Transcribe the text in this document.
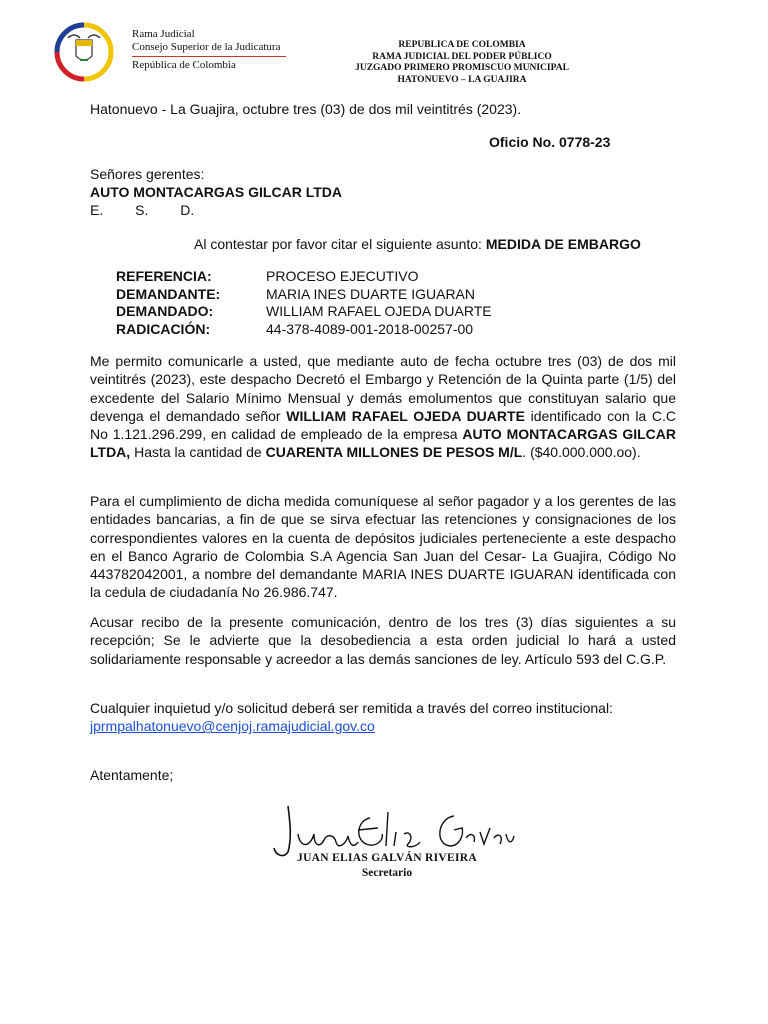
Rama Judicial
Consejo Superior de la Judicatura
República de Colombia
REPUBLICA DE COLOMBIA
RAMA JUDICIAL DEL PODER PÚBLICO
JUZGADO PRIMERO PROMISCUO MUNICIPAL
HATONUEVO – LA GUAJIRA
Hatonuevo - La Guajira, octubre tres (03) de dos mil veintitrés (2023).
Oficio No. 0778-23
Señores gerentes:
AUTO MONTACARGAS GILCAR LTDA
E. S. D.
Al contestar por favor citar el siguiente asunto: MEDIDA DE EMBARGO
REFERENCIA:	PROCESO EJECUTIVO
DEMANDANTE:	MARIA INES DUARTE IGUARAN
DEMANDADO:	WILLIAM RAFAEL OJEDA DUARTE
RADICACIÓN:	44-378-4089-001-2018-00257-00
Me permito comunicarle a usted, que mediante auto de fecha octubre tres (03) de dos mil veintitrés (2023), este despacho Decretó el Embargo y Retención de la Quinta parte (1/5) del excedente del Salario Mínimo Mensual y demás emolumentos que constituyan salario que devenga el demandado señor WILLIAM RAFAEL OJEDA DUARTE identificado con la C.C No 1.121.296.299, en calidad de empleado de la empresa AUTO MONTACARGAS GILCAR LTDA, Hasta la cantidad de CUARENTA MILLONES DE PESOS M/L. ($40.000.000.oo).
Para el cumplimiento de dicha medida comuníquese al señor pagador y a los gerentes de las entidades bancarias, a fin de que se sirva efectuar las retenciones y consignaciones de los correspondientes valores en la cuenta de depósitos judiciales perteneciente a este despacho en el Banco Agrario de Colombia S.A Agencia San Juan del Cesar- La Guajira, Código No 443782042001, a nombre del demandante MARIA INES DUARTE IGUARAN identificada con la cedula de ciudadanía No 26.986.747.
Acusar recibo de la presente comunicación, dentro de los tres (3) días siguientes a su recepción; Se le advierte que la desobediencia a esta orden judicial lo hará a usted solidariamente responsable y acreedor a las demás sanciones de ley. Artículo 593 del C.G.P.
Cualquier inquietud y/o solicitud deberá ser remitida a través del correo institucional:
jprmpalhatonuevo@cenjoj.ramajudicial.gov.co
Atentamente;
JUAN ELIAS GALVÁN RIVEIRA
Secretario
